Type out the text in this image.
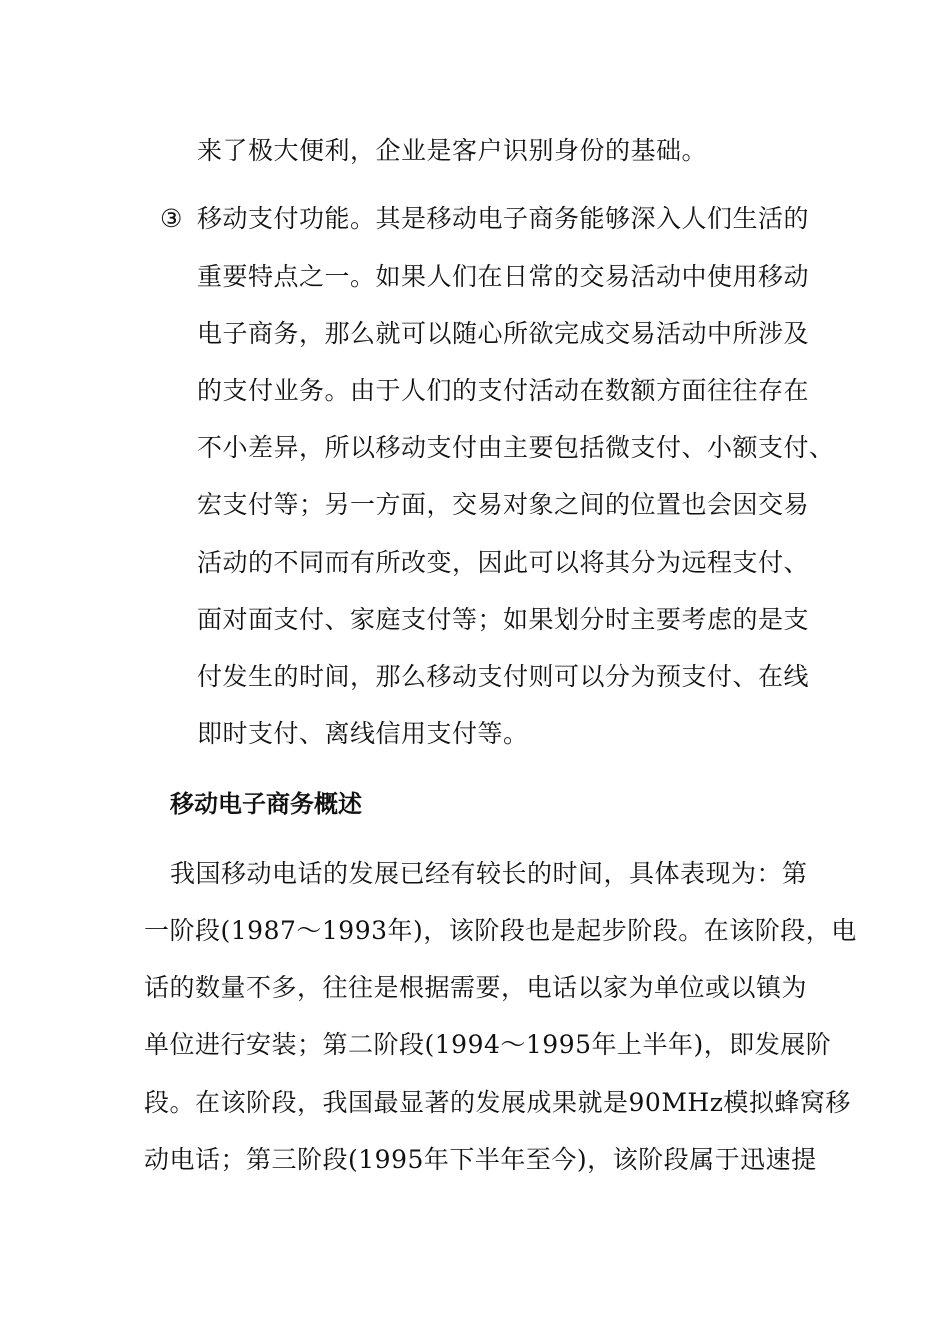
来了极大便利，企业是客户识别身份的基础。
③ 移动支付功能。其是移动电子商务能够深入人们生活的
重要特点之一。如果人们在日常的交易活动中使用移动
电子商务，那么就可以随心所欲完成交易活动中所涉及
的支付业务。由于人们的支付活动在数额方面往往存在
不小差异，所以移动支付由主要包括微支付、小额支付、
宏支付等；另一方面，交易对象之间的位置也会因交易
活动的不同而有所改变，因此可以将其分为远程支付、
面对面支付、家庭支付等；如果划分时主要考虑的是支
付发生的时间，那么移动支付则可以分为预支付、在线
即时支付、离线信用支付等。
移动电子商务概述
我国移动电话的发展已经有较长的时间，具体表现为：第
一阶段(1987～1993年)，该阶段也是起步阶段。在该阶段，电
话的数量不多，往往是根据需要，电话以家为单位或以镇为
单位进行安装；第二阶段(1994～1995年上半年)，即发展阶
段。在该阶段，我国最显著的发展成果就是90MHz模拟蜂窝移
动电话；第三阶段(1995年下半年至今)，该阶段属于迅速提
